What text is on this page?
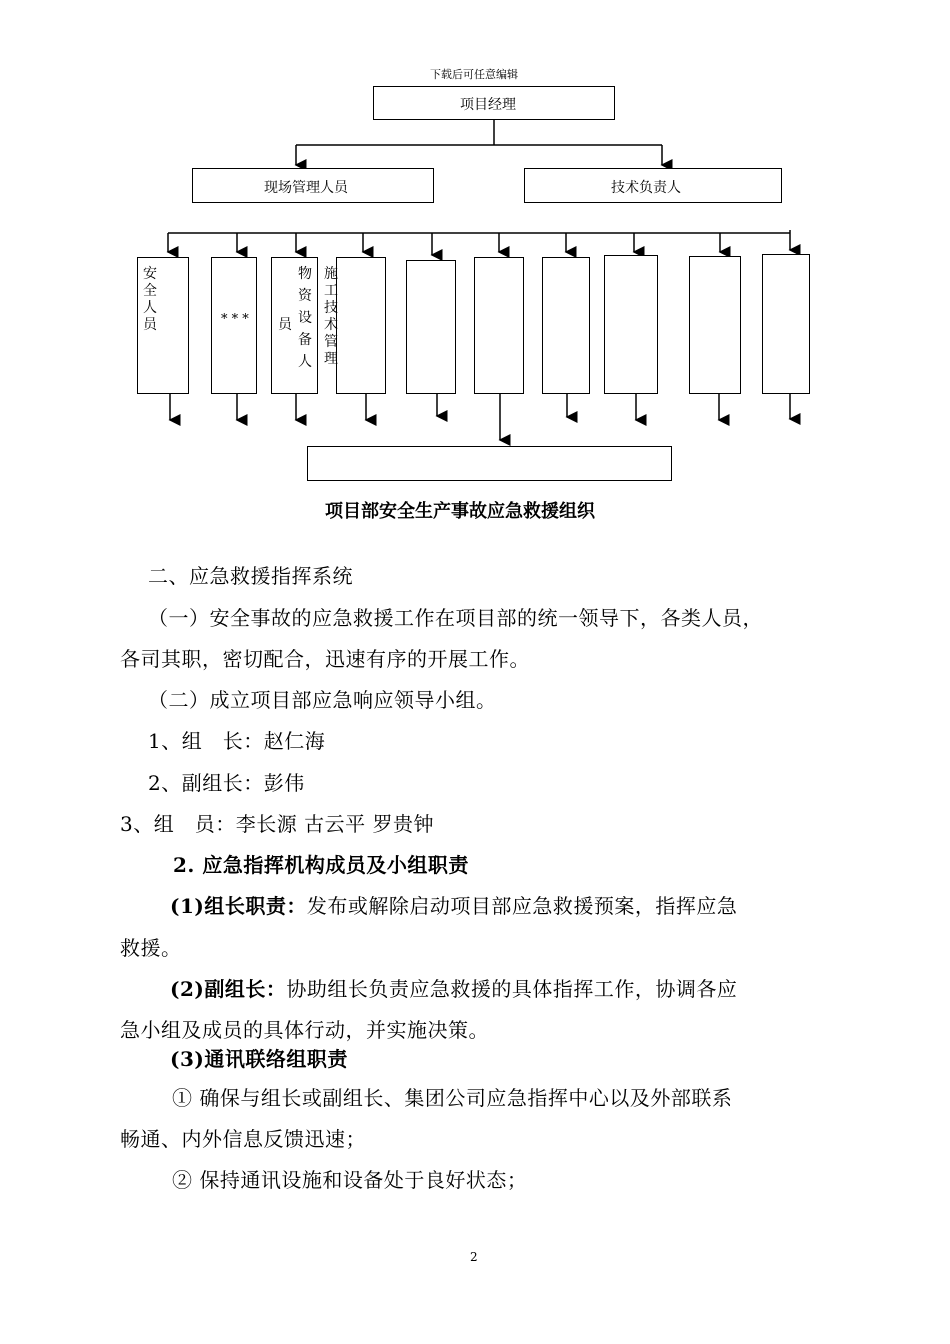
下载后可任意编辑
项目经理
现场管理人员	技术负责人
安全人员	* * *
物资设备人
员
施工技术管理
项目部安全生产事故应急救援组织
二、应急救援指挥系统
（一）安全事故的应急救援工作在项目部的统一领导下，各类人员，
各司其职，密切配合，迅速有序的开展工作。
（二）成立项目部应急响应领导小组。
1、组　长：赵仁海
2、副组长：彭伟
3、组　员：李长源 古云平 罗贵钟
2. 应急指挥机构成员及小组职责
(1)组长职责：发布或解除启动项目部应急救援预案，指挥应急
救援。
(2)副组长：协助组长负责应急救援的具体指挥工作，协调各应
急小组及成员的具体行动，并实施决策。
(3)通讯联络组职责
① 确保与组长或副组长、集团公司应急指挥中心以及外部联系
畅通、内外信息反馈迅速；
② 保持通讯设施和设备处于良好状态；
2
